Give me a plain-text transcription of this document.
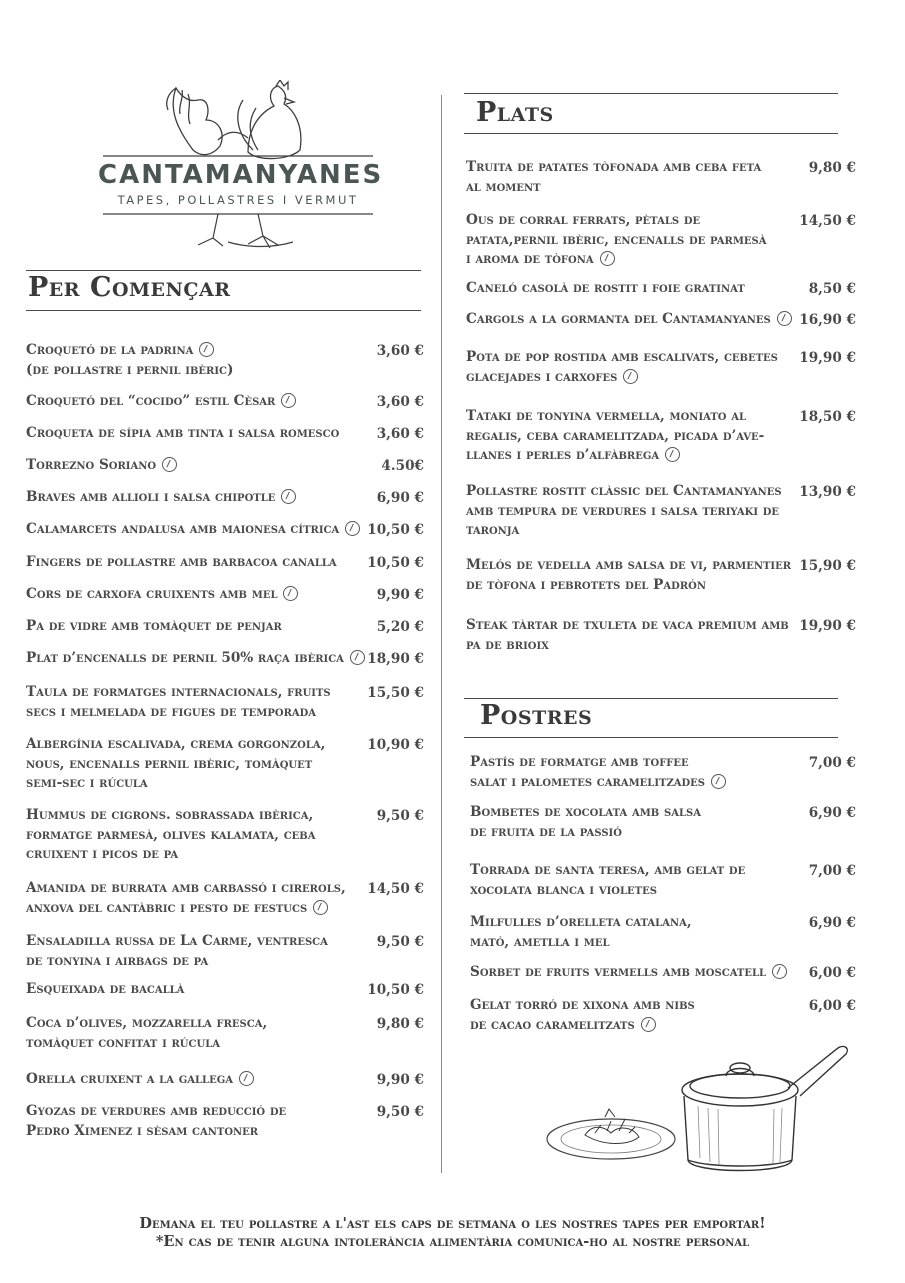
CANTAMANYANES
TAPES, POLLASTRES I VERMUT
Per Començar
Plats
Postres
Demana el teu pollastre a l'ast els caps de setmana o les nostres tapes per emportar!
*En cas de tenir alguna intolerància alimentària comunica-ho al nostre personal
Croquetó de la padrina
(de pollastre i pernil ibèric)
3,60 €
Croquetó del “cocido” estil Cèsar	3,60 €
Croqueta de sípia amb tinta i salsa romesco	3,60 €
Torrezno Soriano	4.50€
Braves amb allioli i salsa chipotle	6,90 €
Calamarcets andalusa amb maionesa cítrica	10,50 €
Fingers de pollastre amb barbacoa canalla	10,50 €
Cors de carxofa cruixents amb mel	9,90 €
Pa de vidre amb tomàquet de penjar	5,20 €
Plat d’encenalls de pernil 50% raça ibèrica	18,90 €
Taula de formatges internacionals, fruits
secs i melmelada de figues de temporada
15,50 €
Albergínia escalivada, crema gorgonzola,
nous, encenalls pernil ibèric, tomàquet
semi-sec i rúcula
10,90 €
Hummus de cigrons. sobrassada ibèrica,
formatge parmesà, olives kalamata, ceba
cruixent i picos de pa
9,50 €
Amanida de burrata amb carbassó i cirerols,
anxova del cantàbric i pesto de festucs
14,50 €
Ensaladilla russa de La Carme, ventresca
de tonyina i airbags de pa
9,50 €
Esqueixada de bacallà	10,50 €
Coca d’olives, mozzarella fresca,
tomàquet confitat i rúcula
9,80 €
Orella cruixent a la gallega	9,90 €
Gyozas de verdures amb reducció de
Pedro Ximenez i sèsam cantoner
9,50 €
Truita de patates tòfonada amb ceba feta
al moment
9,80 €
Ous de corral ferrats, pètals de
patata,pernil ibèric, encenalls de parmesà
i aroma de tòfona
14,50 €
Caneló casolà de rostit i foie gratinat	8,50 €
Cargols a la gormanta del Cantamanyanes	16,90 €
Pota de pop rostida amb escalivats, cebetes
glacejades i carxofes
19,90 €
Tataki de tonyina vermella, moniato al
regalis, ceba caramelitzada, picada d’ave-
llanes i perles d’alfàbrega
18,50 €
Pollastre rostit clàssic del Cantamanyanes
amb tempura de verdures i salsa teriyaki de
taronja
13,90 €
Melós de vedella amb salsa de vi, parmentier
de tòfona i pebrotets del Padrón
15,90 €
Steak tàrtar de txuleta de vaca premium amb
pa de brioix
19,90 €
Pastís de formatge amb toffee
salat i palometes caramelitzades
7,00 €
Bombetes de xocolata amb salsa
de fruita de la passió
6,90 €
Torrada de santa teresa, amb gelat de
xocolata blanca i violetes
7,00 €
Milfulles d’orelleta catalana,
mató, ametlla i mel
6,90 €
Sorbet de fruits vermells amb moscatell	6,00 €
Gelat torró de xixona amb nibs
de cacao caramelitzats
6,00 €
